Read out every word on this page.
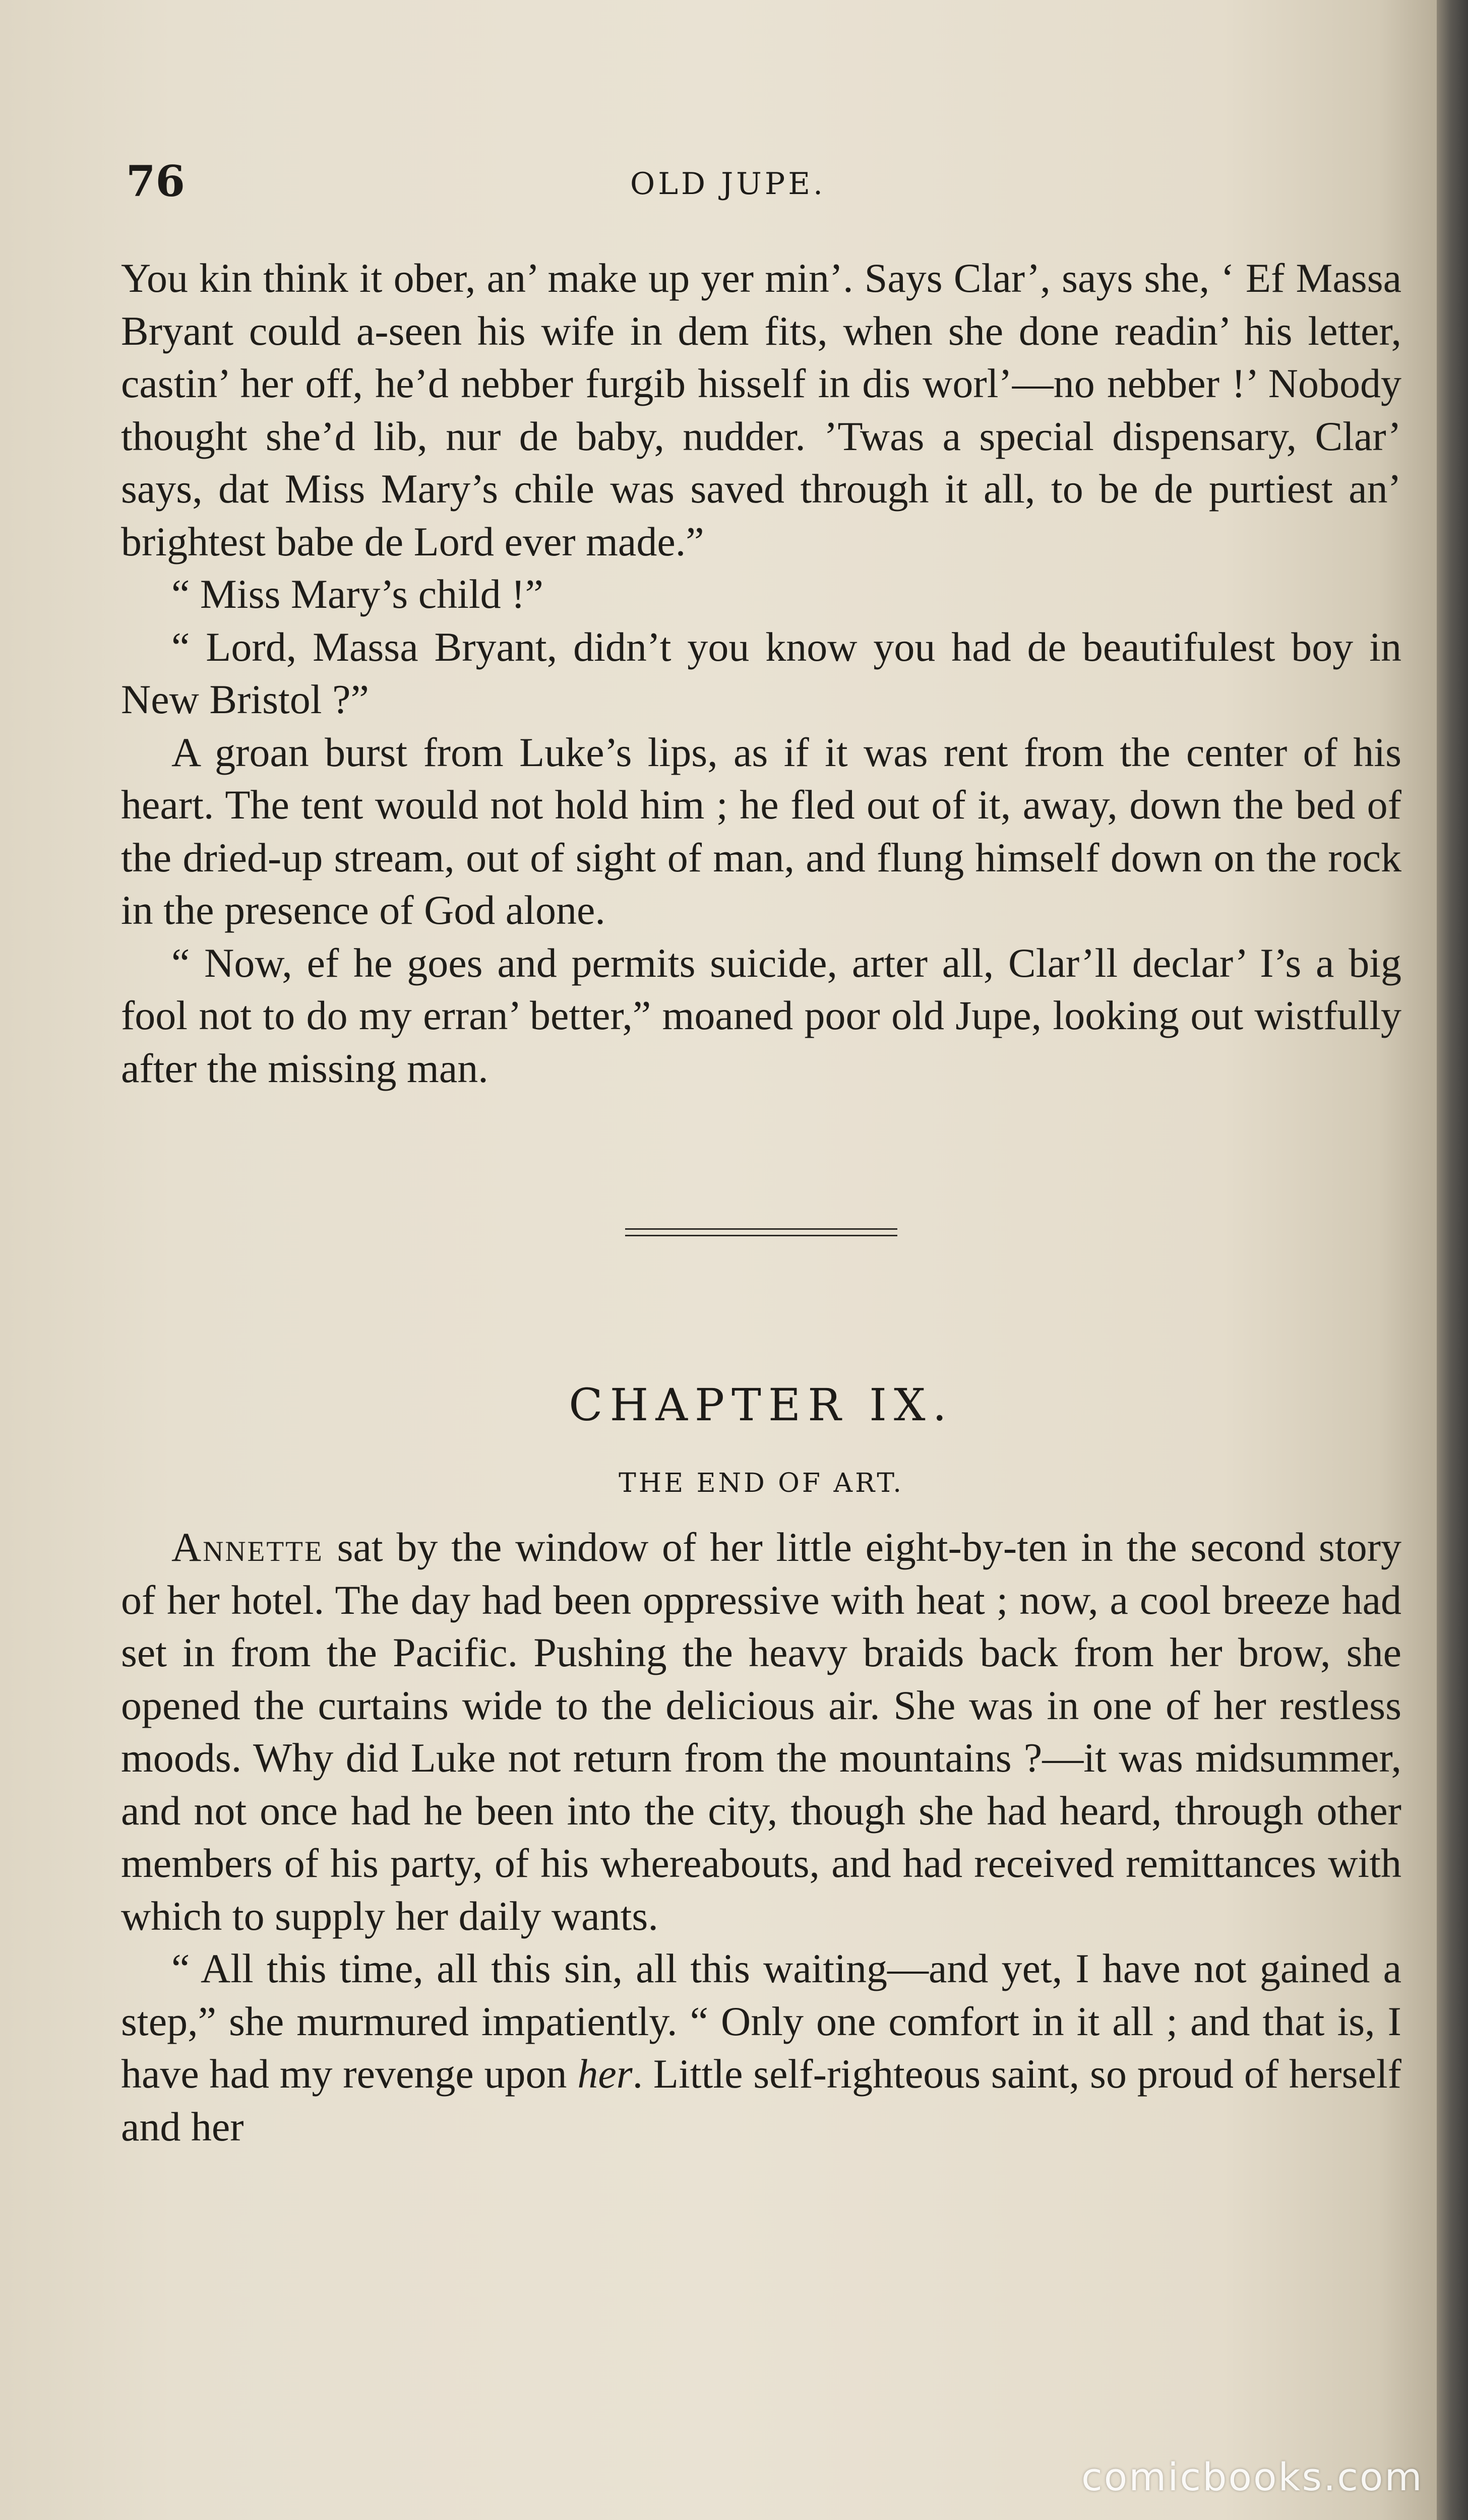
76	OLD JUPE.

You kin think it ober, an’ make up yer min’. Says Clar’, says she, ‘ Ef Massa Bryant could a-seen his wife in dem fits, when she done readin’ his letter, castin’ her off, he’d nebber furgib hisself in dis worl’—no nebber !’ Nobody thought she’d lib, nur de baby, nudder. ’Twas a special dispensary, Clar’ says, dat Miss Mary’s chile was saved through it all, to be de purtiest an’ brightest babe de Lord ever made.”

“ Miss Mary’s child !”

“ Lord, Massa Bryant, didn’t you know you had de beautifulest boy in New Bristol ?”

A groan burst from Luke’s lips, as if it was rent from the center of his heart. The tent would not hold him ; he fled out of it, away, down the bed of the dried-up stream, out of sight of man, and flung himself down on the rock in the presence of God alone.

“ Now, ef he goes and permits suicide, arter all, Clar’ll declar’ I’s a big fool not to do my erran’ better,” moaned poor old Jupe, looking out wistfully after the missing man.

CHAPTER IX.
THE END OF ART.

Annette sat by the window of her little eight-by-ten in the second story of her hotel. The day had been oppressive with heat ; now, a cool breeze had set in from the Pacific. Pushing the heavy braids back from her brow, she opened the curtains wide to the delicious air. She was in one of her restless moods. Why did Luke not return from the mountains ?—it was midsummer, and not once had he been into the city, though she had heard, through other members of his party, of his whereabouts, and had received remittances with which to supply her daily wants.

“ All this time, all this sin, all this waiting—and yet, I have not gained a step,” she murmured impatiently. “ Only one comfort in it all ; and that is, I have had my revenge upon her. Little self-righteous saint, so proud of herself and her

comicbooks.com
